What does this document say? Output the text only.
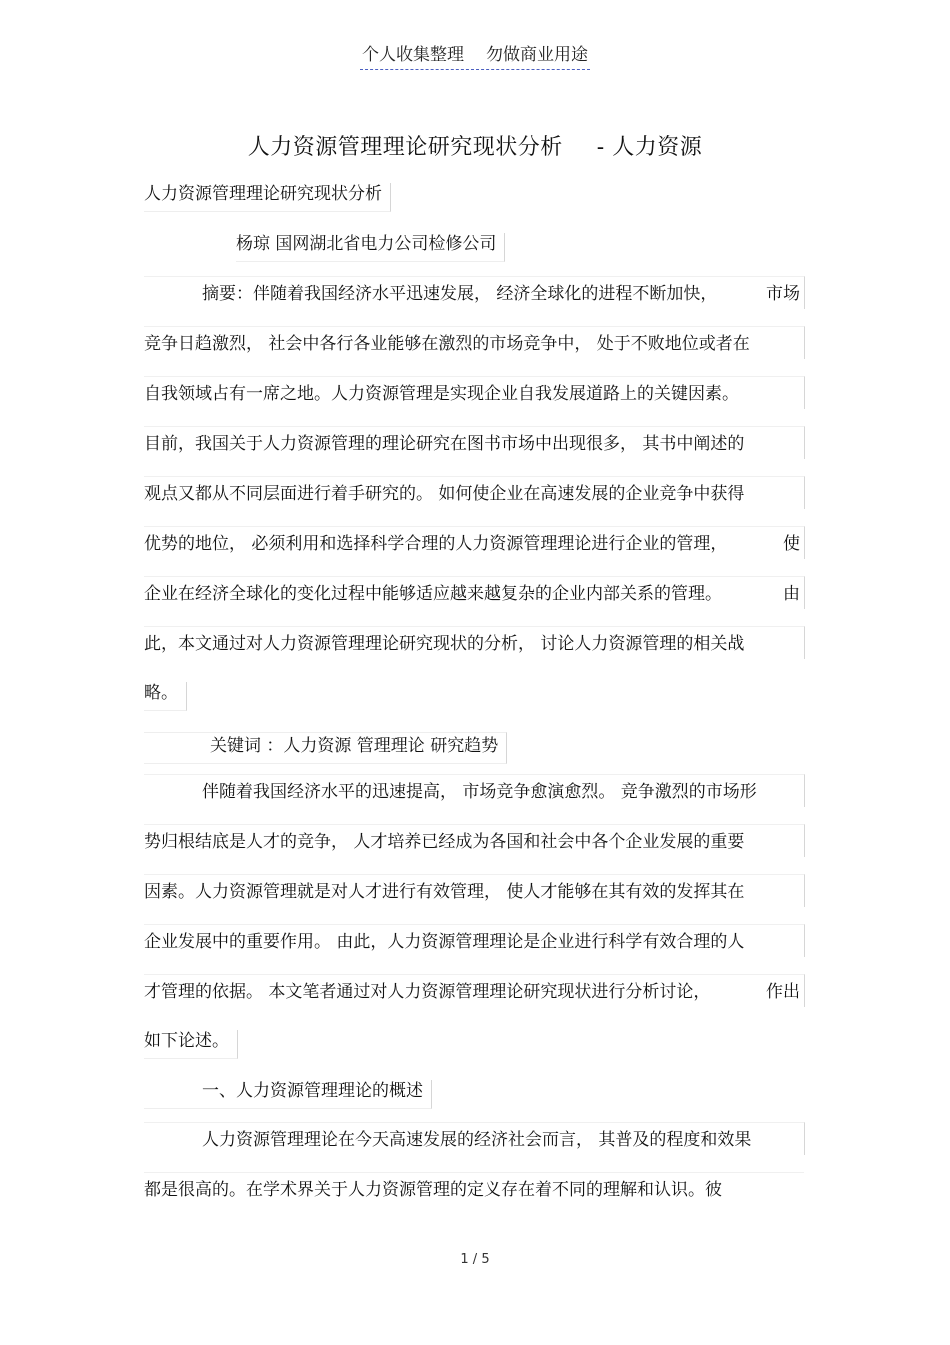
个人收集整理 勿做商业用途
人力资源管理理论研究现状分析 - 人力资源
人力资源管理理论研究现状分析
杨琼 国网湖北省电力公司检修公司
摘要：伴随着我国经济水平迅速发展， 经济全球化的进程不断加快，	市场
竞争日趋激烈， 社会中各行各业能够在激烈的市场竞争中， 处于不败地位或者在
自我领域占有一席之地。人力资源管理是实现企业自我发展道路上的关键因素。
目前，我国关于人力资源管理的理论研究在图书市场中出现很多， 其书中阐述的
观点又都从不同层面进行着手研究的。 如何使企业在高速发展的企业竞争中获得
优势的地位， 必须利用和选择科学合理的人力资源管理理论进行企业的管理，	使
企业在经济全球化的变化过程中能够适应越来越复杂的企业内部关系的管理。	由
此，本文通过对人力资源管理理论研究现状的分析， 讨论人力资源管理的相关战
略。
关键词 ：人力资源 管理理论 研究趋势
伴随着我国经济水平的迅速提高， 市场竞争愈演愈烈。 竞争激烈的市场形
势归根结底是人才的竞争， 人才培养已经成为各国和社会中各个企业发展的重要
因素。人力资源管理就是对人才进行有效管理， 使人才能够在其有效的发挥其在
企业发展中的重要作用。 由此，人力资源管理理论是企业进行科学有效合理的人
才管理的依据。 本文笔者通过对人力资源管理理论研究现状进行分析讨论，	作出
如下论述。
一、人力资源管理理论的概述
人力资源管理理论在今天高速发展的经济社会而言， 其普及的程度和效果
都是很高的。在学术界关于人力资源管理的定义存在着不同的理解和认识。彼
1 / 5
